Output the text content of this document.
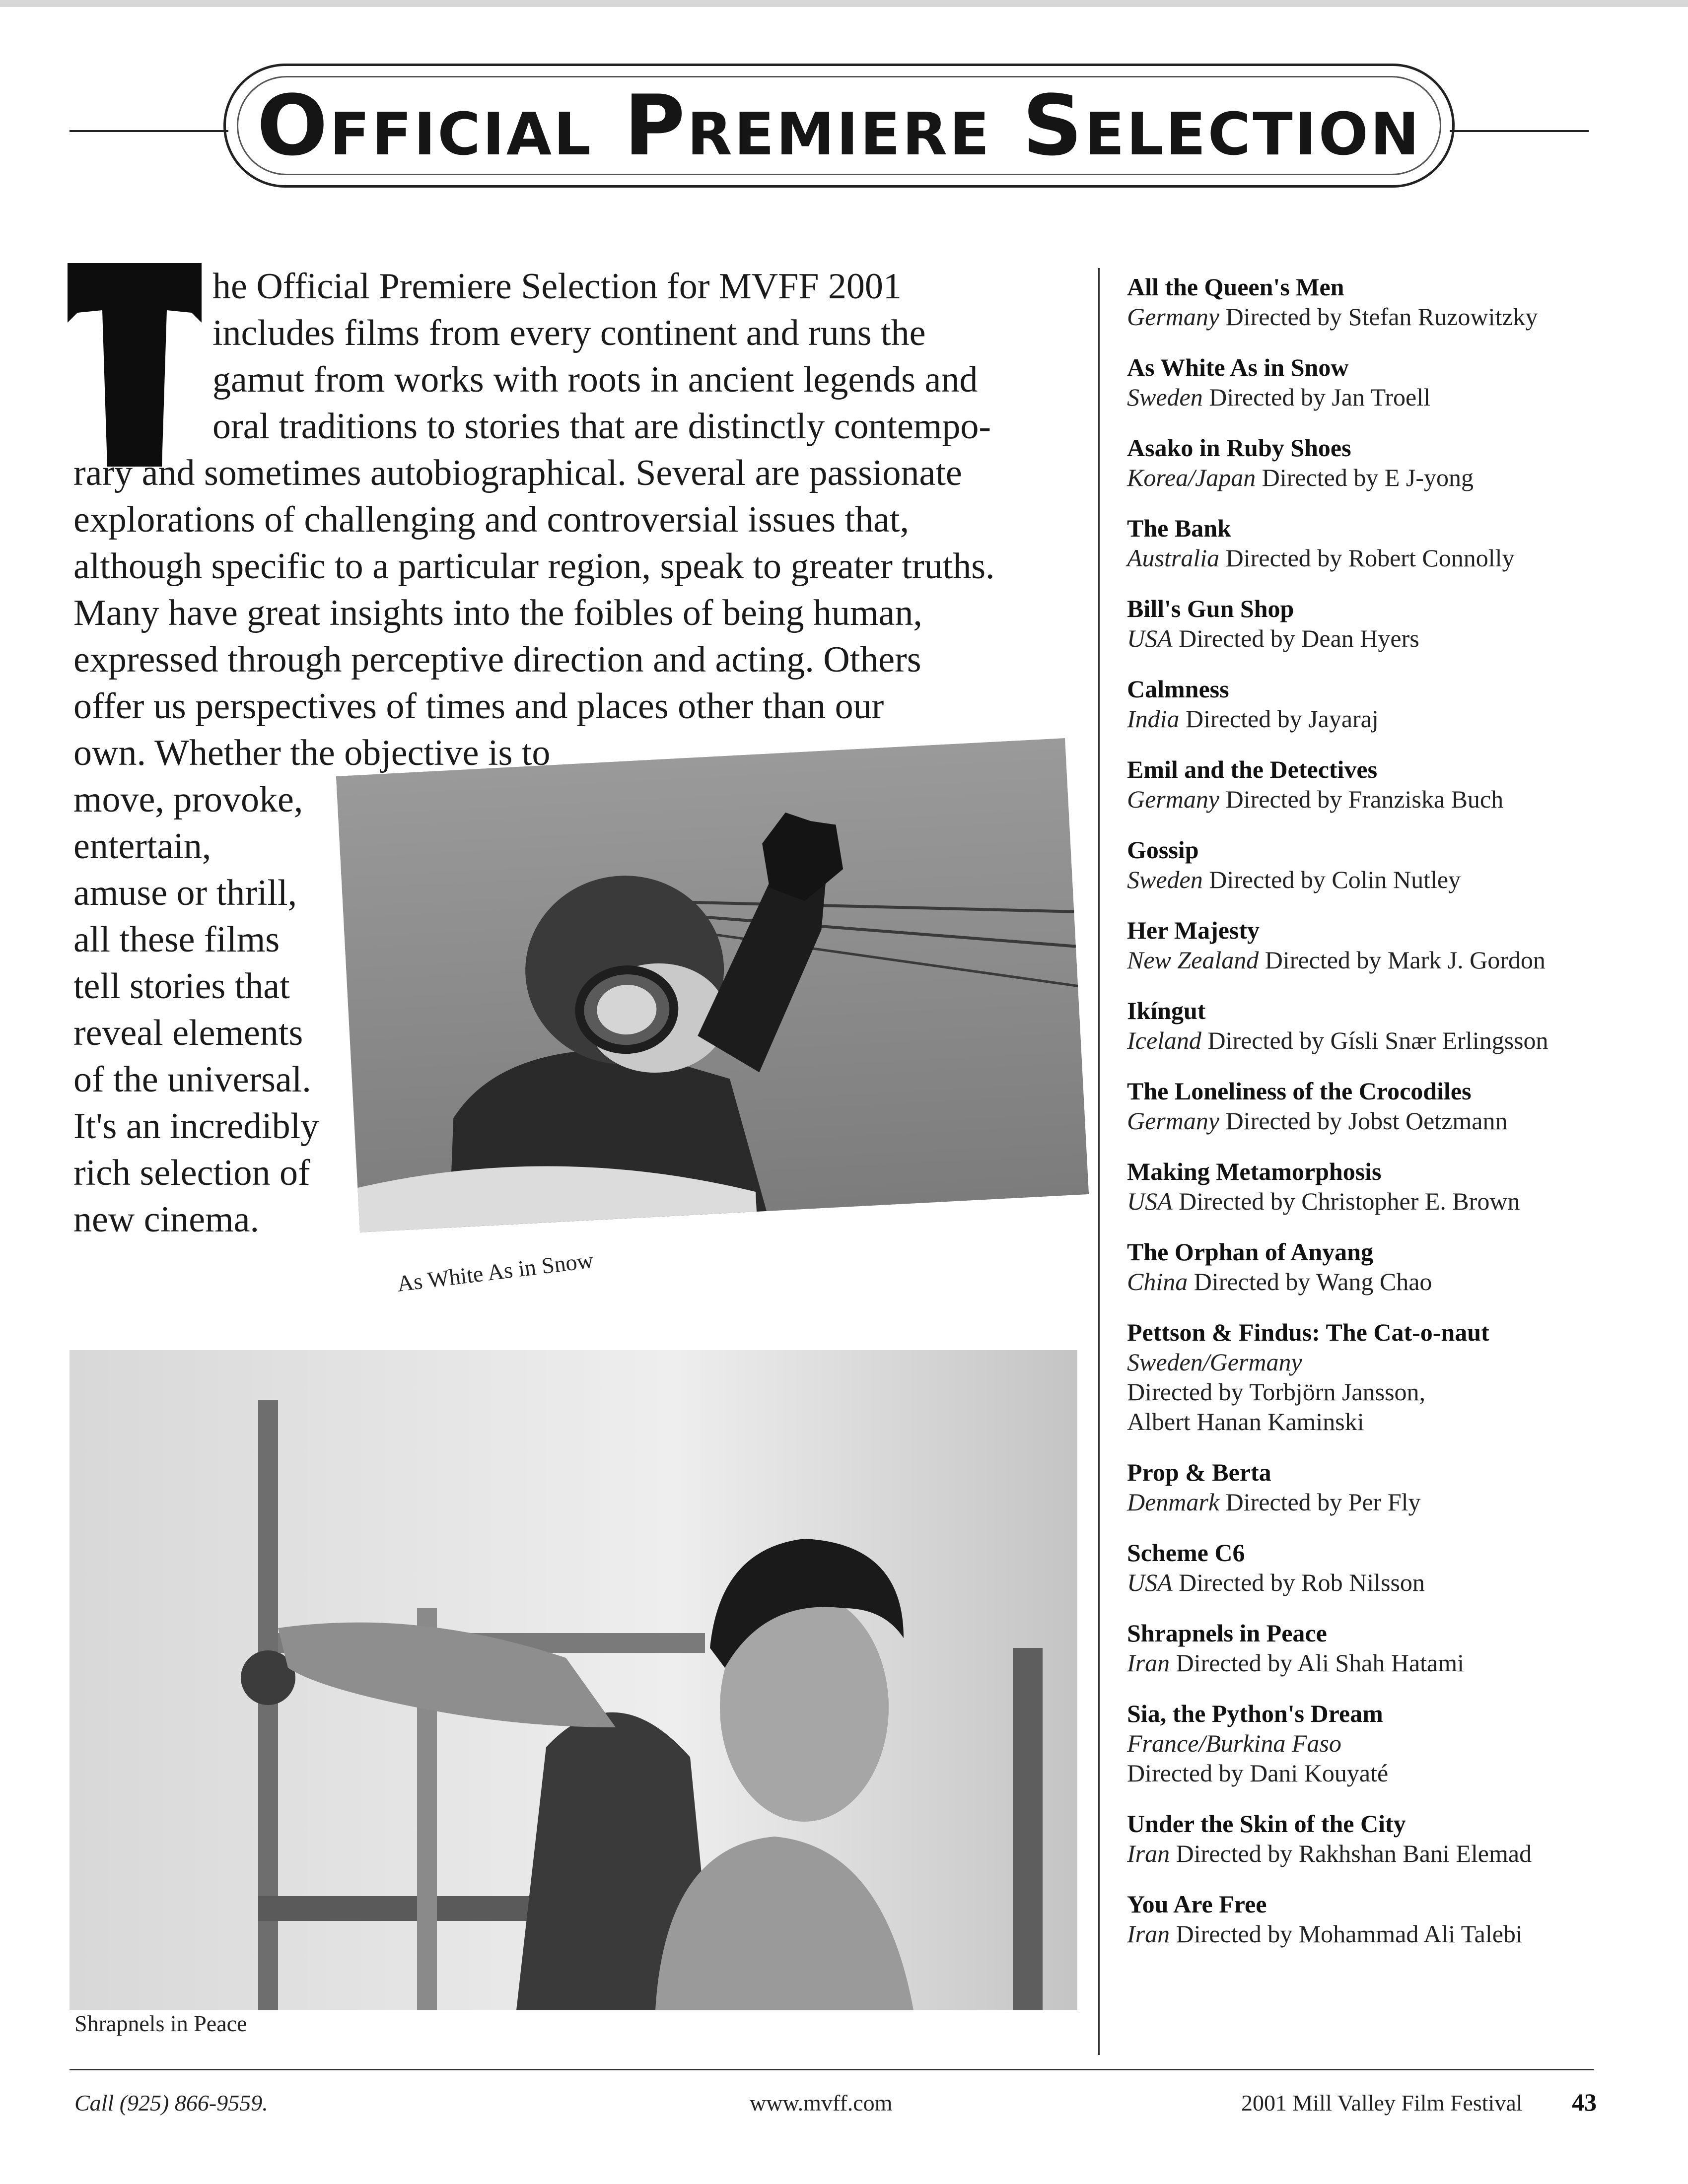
Official Premiere Selection
he Official Premiere Selection for MVFF 2001
includes films from every continent and runs the
gamut from works with roots in ancient legends and
oral traditions to stories that are distinctly contempo-
rary and sometimes autobiographical. Several are passionate
explorations of challenging and controversial issues that,
although specific to a particular region, speak to greater truths.
Many have great insights into the foibles of being human,
expressed through perceptive direction and acting. Others
offer us perspectives of times and places other than our
own. Whether the objective is to
move, provoke,
entertain,
amuse or thrill,
all these films
tell stories that
reveal elements
of the universal.
It's an incredibly
rich selection of
new cinema.
As White As in Snow
Shrapnels in Peace
All the Queen's Men
Germany Directed by Stefan Ruzowitzky
As White As in Snow
Sweden Directed by Jan Troell
Asako in Ruby Shoes
Korea/Japan Directed by E J-yong
The Bank
Australia Directed by Robert Connolly
Bill's Gun Shop
USA Directed by Dean Hyers
Calmness
India Directed by Jayaraj
Emil and the Detectives
Germany Directed by Franziska Buch
Gossip
Sweden Directed by Colin Nutley
Her Majesty
New Zealand Directed by Mark J. Gordon
Ikíngut
Iceland Directed by Gísli Snær Erlingsson
The Loneliness of the Crocodiles
Germany Directed by Jobst Oetzmann
Making Metamorphosis
USA Directed by Christopher E. Brown
The Orphan of Anyang
China Directed by Wang Chao
Pettson & Findus: The Cat-o-naut
Sweden/Germany
Directed by Torbjörn Jansson,
Albert Hanan Kaminski
Prop & Berta
Denmark Directed by Per Fly
Scheme C6
USA Directed by Rob Nilsson
Shrapnels in Peace
Iran Directed by Ali Shah Hatami
Sia, the Python's Dream
France/Burkina Faso
Directed by Dani Kouyaté
Under the Skin of the City
Iran Directed by Rakhshan Bani Elemad
You Are Free
Iran Directed by Mohammad Ali Talebi
Call (925) 866-9559.	www.mvff.com	2001 Mill Valley Film Festival 43
